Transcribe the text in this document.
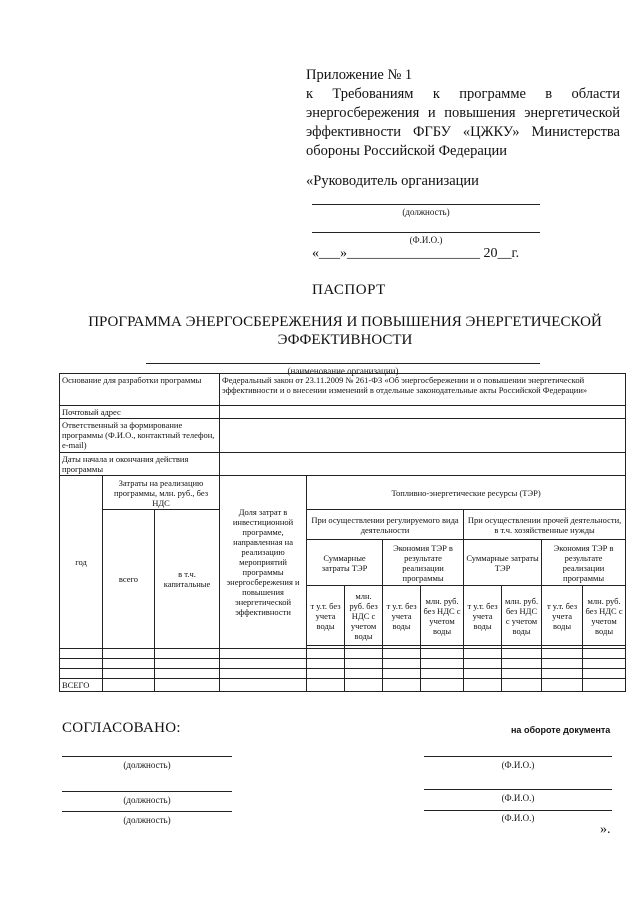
Приложение № 1
к Требованиям к программе в области
энергосбережения и повышения энергетической
эффективности ФГБУ «ЦЖКУ» Министерства
обороны Российской Федерации
«Руководитель организации
(должность)
(Ф.И.О.)
«___»___________________ 20__г.
ПАСПОРТ
ПРОГРАММА ЭНЕРГОСБЕРЕЖЕНИЯ И ПОВЫШЕНИЯ ЭНЕРГЕТИЧЕСКОЙ ЭФФЕКТИВНОСТИ
(наименование организации)
Основание для разработки программы			Федеральный закон от 23.11.2009 № 261-ФЗ «Об энергосбережении и о повышении энергетической эффективности и о внесении изменений в отдельные законодательные акты Российской Федерации»								
Почтовый адрес											
Ответственный за формирование программы (Ф.И.О., контактный телефон, e-mail)											
Даты начала и окончания действия программы											
год	Затраты на реализацию программы, млн. руб., без НДС		Доля затрат в инвестиционной программе, направленная на реализацию мероприятий программы энергосбережения и повышения энергетической эффективности	Топливно-энергетические ресурсы (ТЭР)							
	всего	в т.ч. капитальные		При осуществлении регулируемого вида деятельности				При осуществлении прочей деятельности, в т.ч. хозяйственные нужды			
				Суммарные затраты ТЭР		Экономия ТЭР в результате реализации программы		Суммарные затраты ТЭР		Экономия ТЭР в результате реализации программы	
				т у.т. без учета воды	млн. руб. без НДС с учетом воды	т у.т. без учета воды	млн. руб. без НДС с учетом воды	т у.т. без учета воды	млн. руб. без НДС с учетом воды	т у.т. без учета воды	млн. руб. без НДС с учетом воды

ВСЕГО											
СОГЛАСОВАНО:	на обороте документа
(должность)	(Ф.И.О.)
(должность)	(Ф.И.О.)
(должность)	(Ф.И.О.)
».
